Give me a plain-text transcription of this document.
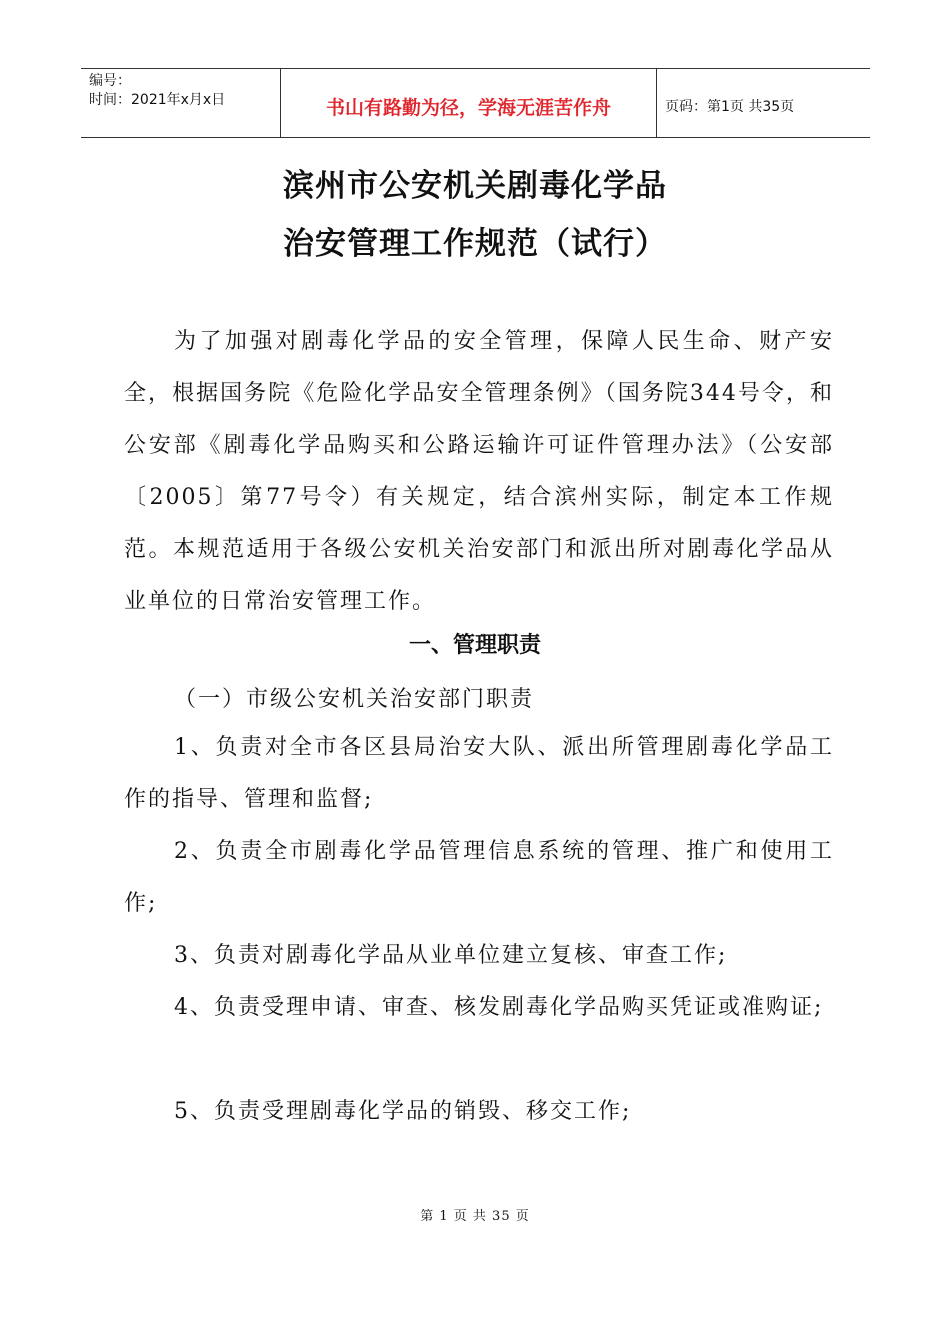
编号：
时间：2021年x月x日	书山有路勤为径，学海无涯苦作舟	页码：第1页 共35页
滨州市公安机关剧毒化学品
治安管理工作规范（试行）
为了加强对剧毒化学品的安全管理，保障人民生命、财产安全，根据国务院《危险化学品安全管理条例》（国务院344号令，和公安部《剧毒化学品购买和公路运输许可证件管理办法》（公安部〔2005〕第77号令）有关规定，结合滨州实际，制定本工作规范。本规范适用于各级公安机关治安部门和派出所对剧毒化学品从业单位的日常治安管理工作。
一、管理职责
（一）市级公安机关治安部门职责
1、负责对全市各区县局治安大队、派出所管理剧毒化学品工作的指导、管理和监督;
2、负责全市剧毒化学品管理信息系统的管理、推广和使用工作;
3、负责对剧毒化学品从业单位建立复核、审查工作;
4、负责受理申请、审查、核发剧毒化学品购买凭证或准购证;
5、负责受理剧毒化学品的销毁、移交工作;
第 1 页 共 35 页
